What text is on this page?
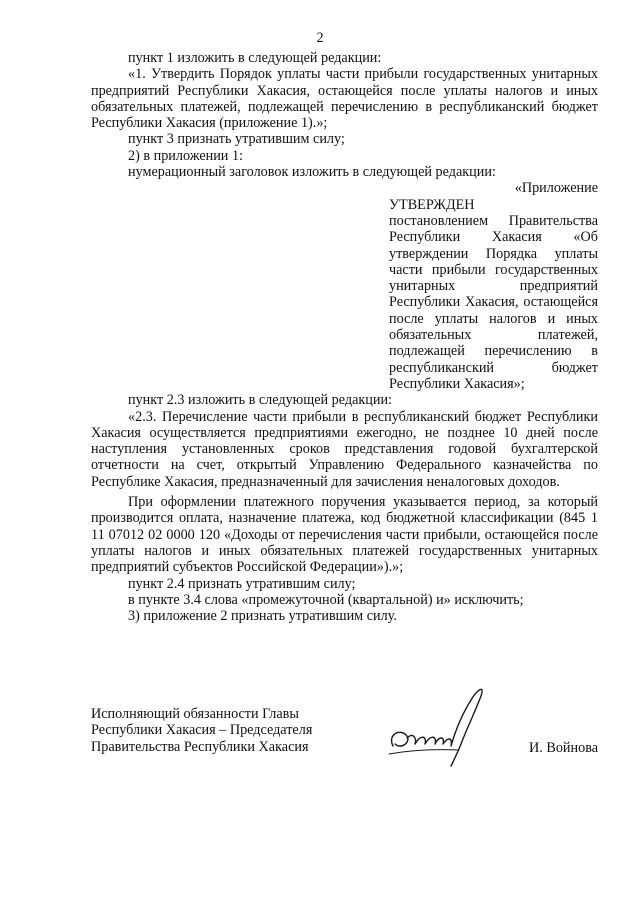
2

пункт 1 изложить в следующей редакции:

«1. Утвердить Порядок уплаты части прибыли государственных унитарных предприятий Республики Хакасия, остающейся после уплаты налогов и иных обязательных платежей, подлежащей перечислению в республиканский бюджет Республики Хакасия (приложение 1).»;

пункт 3 признать утратившим силу;

2) в приложении 1:

нумерационный заголовок изложить в следующей редакции:

«Приложение

УТВЕРЖДЕН
постановлением Правительства Республики Хакасия «Об утверждении Порядка уплаты части прибыли государственных унитарных предприятий Республики Хакасия, остающейся после уплаты налогов и иных обязательных платежей, подлежащей перечислению в республиканский бюджет Республики Хакасия»;

пункт 2.3 изложить в следующей редакции:

«2.3. Перечисление части прибыли в республиканский бюджет Республики Хакасия осуществляется предприятиями ежегодно, не позднее 10 дней после наступления установленных сроков представления годовой бухгалтерской отчетности на счет, открытый Управлению Федерального казначейства по Республике Хакасия, предназначенный для зачисления неналоговых доходов.

При оформлении платежного поручения указывается период, за который производится оплата, назначение платежа, код бюджетной классификации (845 1 11 07012 02 0000 120 «Доходы от перечисления части прибыли, остающейся после уплаты налогов и иных обязательных платежей государственных унитарных предприятий субъектов Российской Федерации»).»;

пункт 2.4 признать утратившим силу;

в пункте 3.4 слова «промежуточной (квартальной) и» исключить;

3) приложение 2 признать утратившим силу.

Исполняющий обязанности Главы
Республики Хакасия – Председателя
Правительства Республики Хакасия	И. Войнова
